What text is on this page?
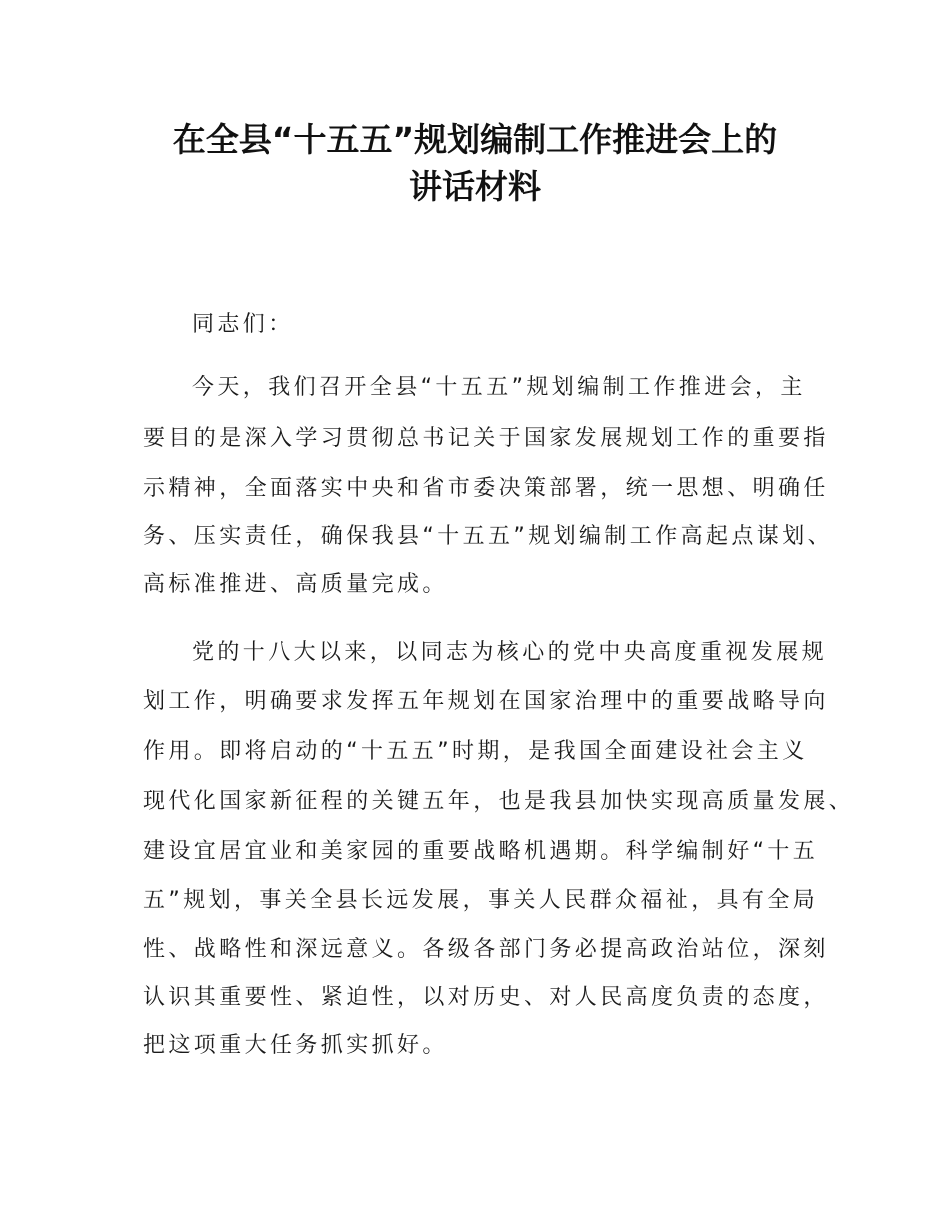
在全县“十五五”规划编制工作推进会上的
讲话材料
同志们：
今天，我们召开全县“十五五”规划编制工作推进会，主
要目的是深入学习贯彻总书记关于国家发展规划工作的重要指
示精神，全面落实中央和省市委决策部署，统一思想、明确任
务、压实责任，确保我县“十五五”规划编制工作高起点谋划、
高标准推进、高质量完成。
党的十八大以来，以同志为核心的党中央高度重视发展规
划工作，明确要求发挥五年规划在国家治理中的重要战略导向
作用。即将启动的“十五五”时期，是我国全面建设社会主义
现代化国家新征程的关键五年，也是我县加快实现高质量发展、
建设宜居宜业和美家园的重要战略机遇期。科学编制好“十五
五”规划，事关全县长远发展，事关人民群众福祉，具有全局
性、战略性和深远意义。各级各部门务必提高政治站位，深刻
认识其重要性、紧迫性，以对历史、对人民高度负责的态度，
把这项重大任务抓实抓好。
